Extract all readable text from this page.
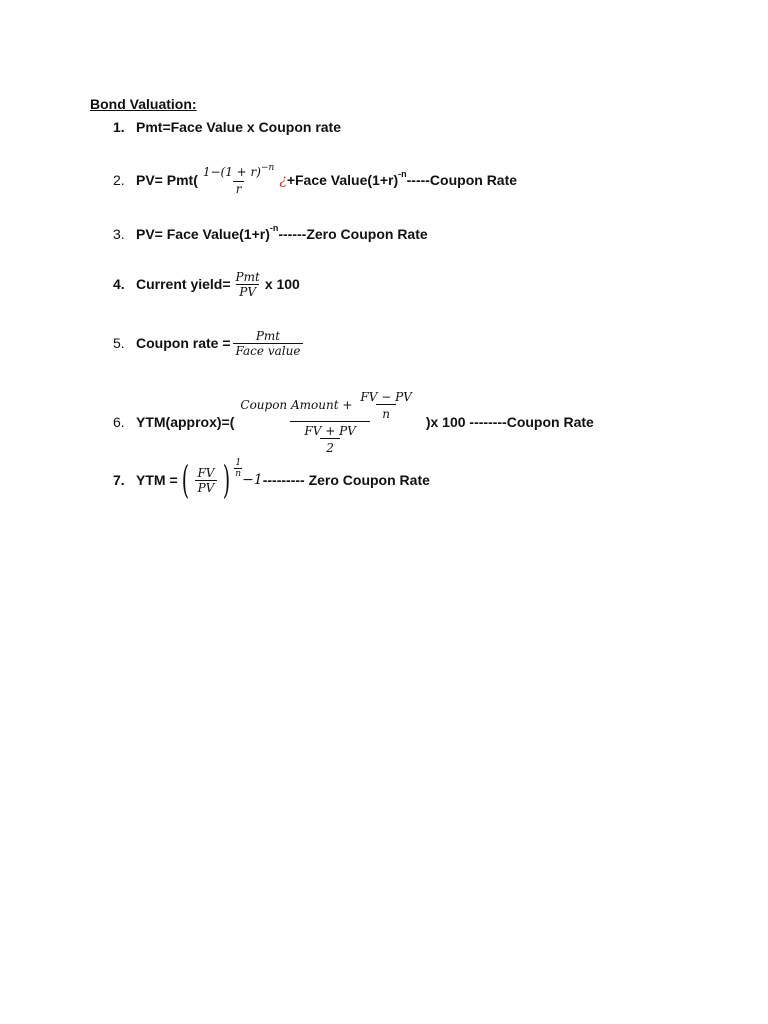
Bond Valuation:
1. Pmt=Face Value x Coupon rate
2. $PV= Pmt( \frac{1-(1 + r)^{-n}}{r}$ ¿ +Face Value(1+r) -n -----Coupon Rate
3. PV= Face Value(1+r) -n ------Zero Coupon Rate
4. Current yield= $\frac{\text{Pmt}}{PV}$ x 100
5. Coupon rate = $\frac{\text{Pmt}}{\text{Face value}}$
6. YTM(approx)=(
Coupon Amount + $\frac{FV - PV}{n}$
$\frac{FV + PV}{2}$
)x 100 --------Coupon Rate
7. YTM = ( $\frac{FV}{PV}$ ) $\frac{1}{n}$
−1 --------- Zero Coupon Rate
